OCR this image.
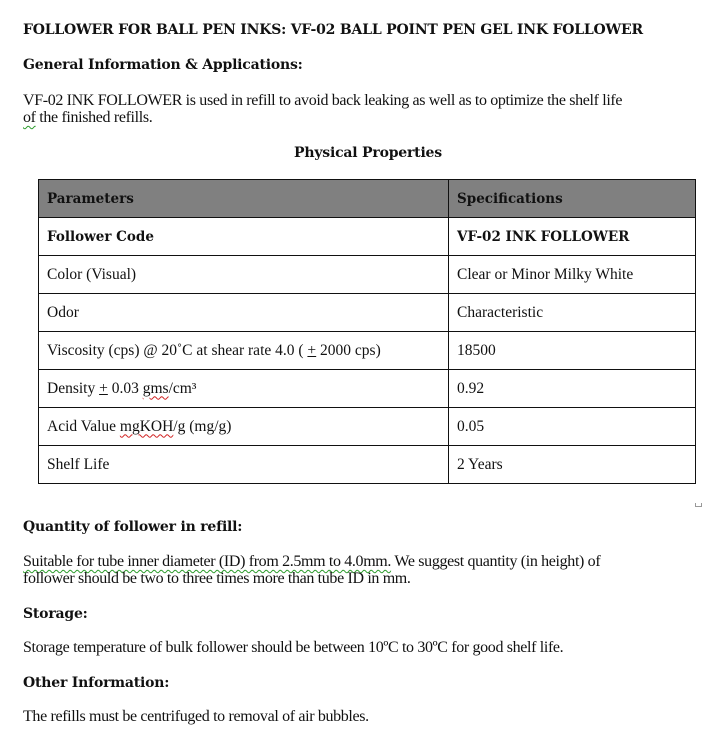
FOLLOWER FOR BALL PEN INKS: VF-02 BALL POINT PEN GEL INK FOLLOWER
General Information & Applications:
VF-02 INK FOLLOWER is used in refill to avoid back leaking as well as to optimize the shelf life
of the finished refills.
Physical Properties
Parameters	Specifications
Follower Code	VF-02 INK FOLLOWER
Color (Visual)	Clear or Minor Milky White
Odor	Characteristic
Viscosity (cps) @ 20˚C at shear rate 4.0 ( + 2000 cps)	18500
Density + 0.03 gms/cm³	0.92
Acid Value mgKOH/g (mg/g)	0.05
Shelf Life	2 Years
Quantity of follower in refill:
Suitable for tube inner diameter (ID) from 2.5mm to 4.0mm. We suggest quantity (in height) of
follower should be two to three times more than tube ID in mm.
Storage:
Storage temperature of bulk follower should be between 10ºC to 30ºC for good shelf life.
Other Information:
The refills must be centrifuged to removal of air bubbles.
